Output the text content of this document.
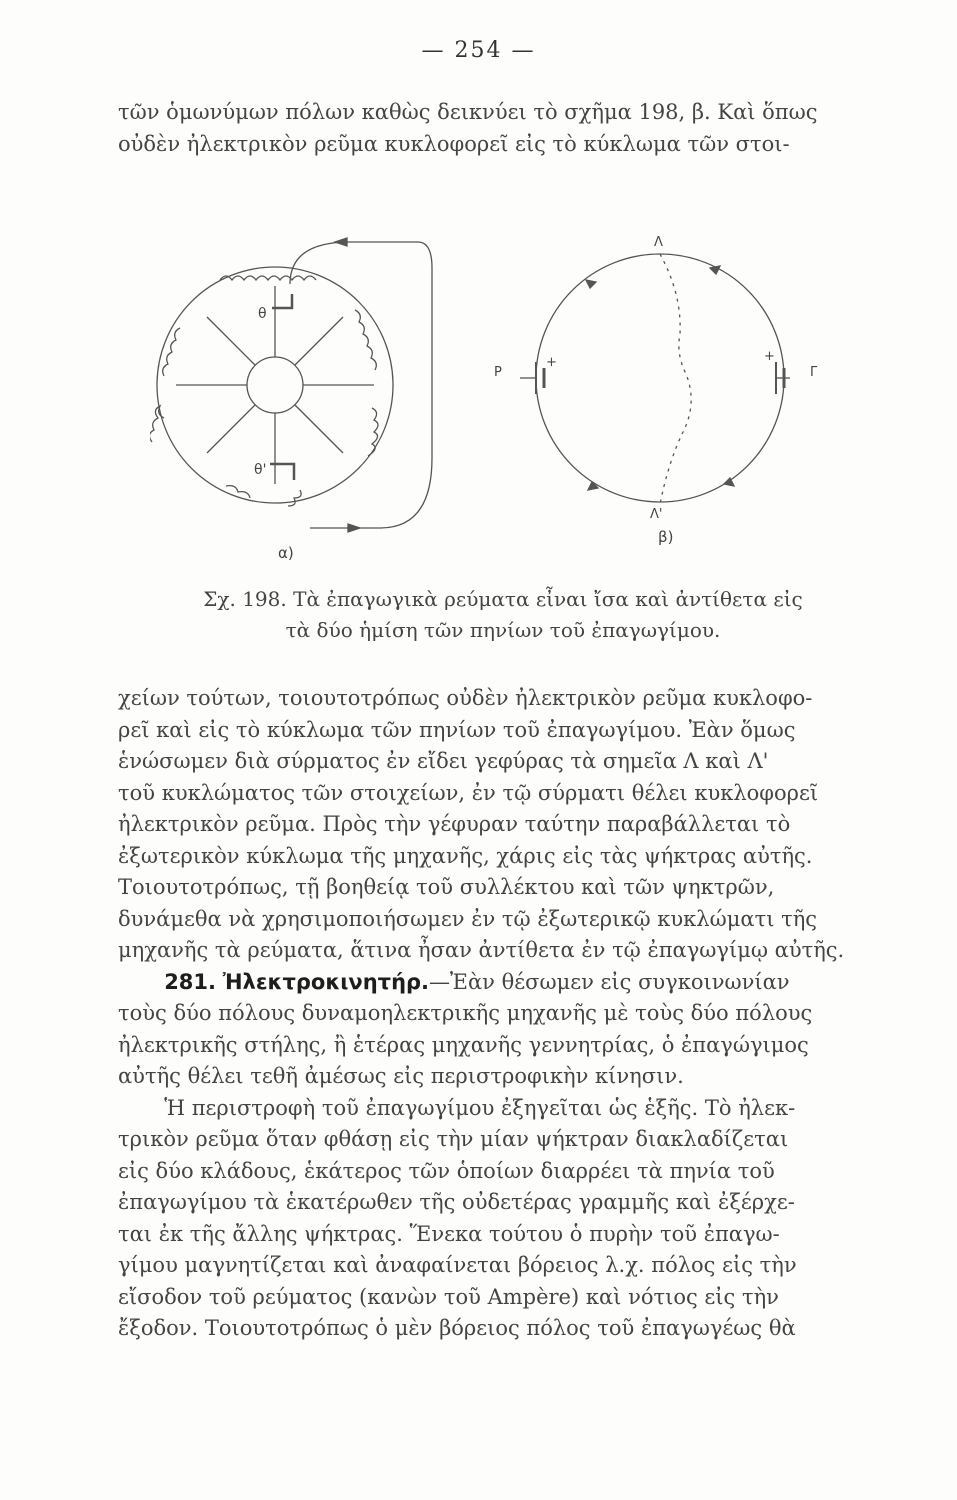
— 254 —
τῶν ὁμωνύμων πόλων καθὼς δεικνύει τὸ σχῆμα 198, β. Καὶ ὅπως
οὐδὲν ἠλεκτρικὸν ρεῦμα κυκλοφορεῖ εἰς τὸ κύκλωμα τῶν στοι-
θ
θ'
α)
P
+	+
Γ
Λ
Λ'
β)
Σχ. 198. Τὰ ἐπαγωγικὰ ρεύματα εἶναι ἴσα καὶ ἀντίθετα εἰς
τὰ δύο ἡμίση τῶν πηνίων τοῦ ἐπαγωγίμου.

χείων τούτων, τοιουτοτρόπως οὐδὲν ἠλεκτρικὸν ρεῦμα κυκλοφο-
ρεῖ καὶ εἰς τὸ κύκλωμα τῶν πηνίων τοῦ ἐπαγωγίμου. Ἐὰν ὅμως
ἑνώσωμεν διὰ σύρματος ἐν εἴδει γεφύρας τὰ σημεῖα Λ καὶ Λ'
τοῦ κυκλώματος τῶν στοιχείων, ἐν τῷ σύρματι θέλει κυκλοφορεῖ
ἠλεκτρικὸν ρεῦμα. Πρὸς τὴν γέφυραν ταύτην παραβάλλεται τὸ
ἐξωτερικὸν κύκλωμα τῆς μηχανῆς, χάρις εἰς τὰς ψήκτρας αὐτῆς.
Τοιουτοτρόπως, τῇ βοηθείᾳ τοῦ συλλέκτου καὶ τῶν ψηκτρῶν,
δυνάμεθα νὰ χρησιμοποιήσωμεν ἐν τῷ ἐξωτερικῷ κυκλώματι τῆς
μηχανῆς τὰ ρεύματα, ἅτινα ἦσαν ἀντίθετα ἐν τῷ ἐπαγωγίμῳ αὐτῆς.

281. Ἠλεκτροκινητήρ.—Ἐὰν θέσωμεν εἰς συγκοινωνίαν
τοὺς δύο πόλους δυναμοηλεκτρικῆς μηχανῆς μὲ τοὺς δύο πόλους
ἠλεκτρικῆς στήλης, ἢ ἑτέρας μηχανῆς γεννητρίας, ὁ ἐπαγώγιμος
αὐτῆς θέλει τεθῆ ἀμέσως εἰς περιστροφικὴν κίνησιν.

Ἡ περιστροφὴ τοῦ ἐπαγωγίμου ἐξηγεῖται ὡς ἑξῆς. Τὸ ἠλεκ-
τρικὸν ρεῦμα ὅταν φθάσῃ εἰς τὴν μίαν ψήκτραν διακλαδίζεται
εἰς δύο κλάδους, ἑκάτερος τῶν ὁποίων διαρρέει τὰ πηνία τοῦ
ἐπαγωγίμου τὰ ἑκατέρωθεν τῆς οὐδετέρας γραμμῆς καὶ ἐξέρχε-
ται ἐκ τῆς ἄλλης ψήκτρας. Ἕνεκα τούτου ὁ πυρὴν τοῦ ἐπαγω-
γίμου μαγνητίζεται καὶ ἀναφαίνεται βόρειος λ.χ. πόλος εἰς τὴν
εἴσοδον τοῦ ρεύματος (κανὼν τοῦ Ampère) καὶ νότιος εἰς τὴν
ἔξοδον. Τοιουτοτρόπως ὁ μὲν βόρειος πόλος τοῦ ἐπαγωγέως θὰ
